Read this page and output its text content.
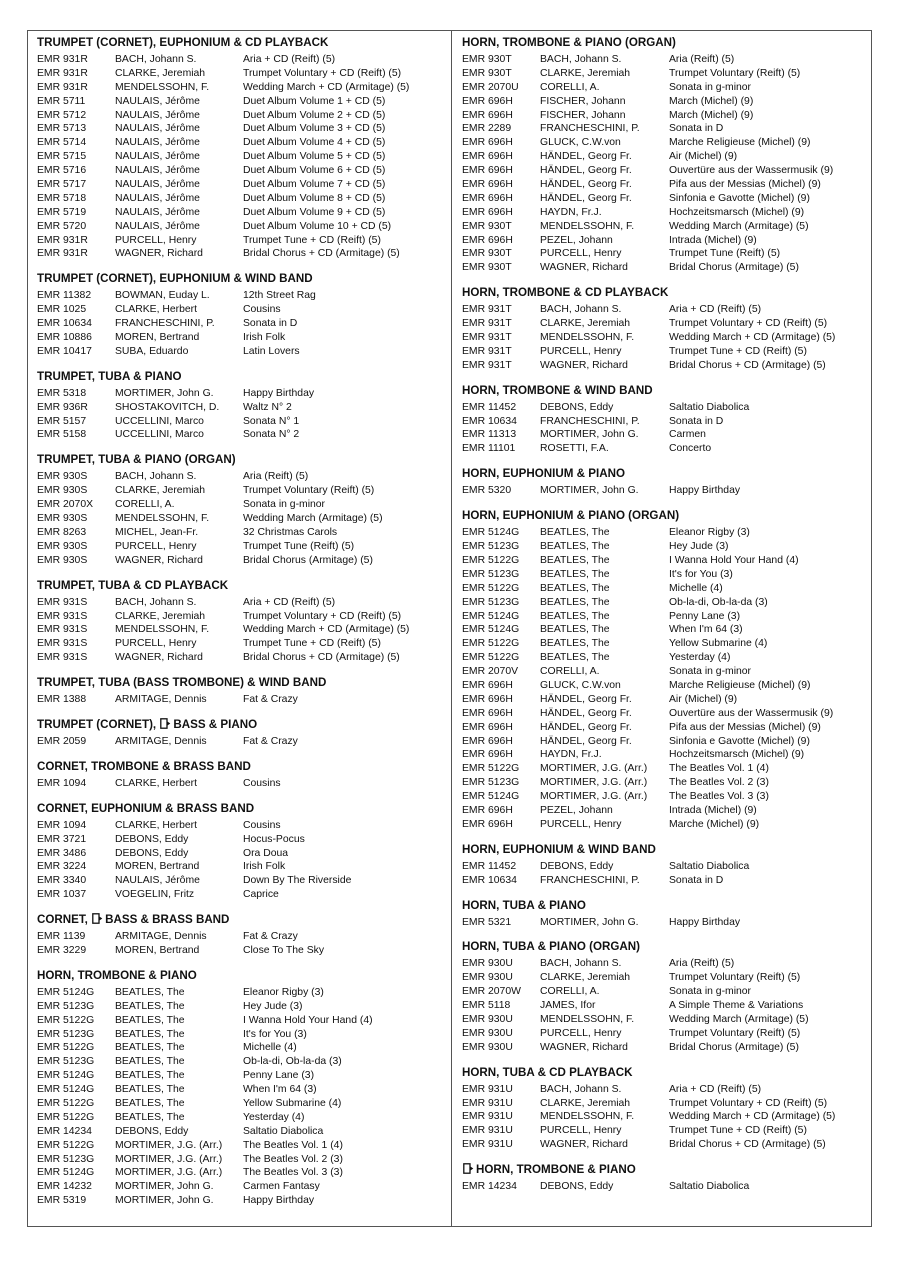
TRUMPET (CORNET), EUPHONIUM & CD PLAYBACK
EMR 931R	BACH, Johann S.	Aria + CD (Reift) (5)
EMR 931R	CLARKE, Jeremiah	Trumpet Voluntary + CD (Reift) (5)
EMR 931R	MENDELSSOHN, F.	Wedding March + CD (Armitage) (5)
EMR 5711	NAULAIS, Jérôme	Duet Album Volume 1 + CD (5)
EMR 5712	NAULAIS, Jérôme	Duet Album Volume 2 + CD (5)
EMR 5713	NAULAIS, Jérôme	Duet Album Volume 3 + CD (5)
EMR 5714	NAULAIS, Jérôme	Duet Album Volume 4 + CD (5)
EMR 5715	NAULAIS, Jérôme	Duet Album Volume 5 + CD (5)
EMR 5716	NAULAIS, Jérôme	Duet Album Volume 6 + CD (5)
EMR 5717	NAULAIS, Jérôme	Duet Album Volume 7 + CD (5)
EMR 5718	NAULAIS, Jérôme	Duet Album Volume 8 + CD (5)
EMR 5719	NAULAIS, Jérôme	Duet Album Volume 9 + CD (5)
EMR 5720	NAULAIS, Jérôme	Duet Album Volume 10 + CD (5)
EMR 931R	PURCELL, Henry	Trumpet Tune + CD (Reift) (5)
EMR 931R	WAGNER, Richard	Bridal Chorus + CD (Armitage) (5)
TRUMPET (CORNET), EUPHONIUM & WIND BAND
EMR 11382	BOWMAN, Euday L.	12th Street Rag
EMR 1025	CLARKE, Herbert	Cousins
EMR 10634	FRANCHESCHINI, P.	Sonata in D
EMR 10886	MOREN, Bertrand	Irish Folk
EMR 10417	SUBA, Eduardo	Latin Lovers
TRUMPET, TUBA & PIANO
EMR 5318	MORTIMER, John G.	Happy Birthday
EMR 936R	SHOSTAKOVITCH, D.	Waltz N° 2
EMR 5157	UCCELLINI, Marco	Sonata N° 1
EMR 5158	UCCELLINI, Marco	Sonata N° 2
TRUMPET, TUBA & PIANO (ORGAN)
EMR 930S	BACH, Johann S.	Aria (Reift) (5)
EMR 930S	CLARKE, Jeremiah	Trumpet Voluntary (Reift) (5)
EMR 2070X	CORELLI, A.	Sonata in g-minor
EMR 930S	MENDELSSOHN, F.	Wedding March (Armitage) (5)
EMR 8263	MICHEL, Jean-Fr.	32 Christmas Carols
EMR 930S	PURCELL, Henry	Trumpet Tune (Reift) (5)
EMR 930S	WAGNER, Richard	Bridal Chorus (Armitage) (5)
TRUMPET, TUBA & CD PLAYBACK
EMR 931S	BACH, Johann S.	Aria + CD (Reift) (5)
EMR 931S	CLARKE, Jeremiah	Trumpet Voluntary + CD (Reift) (5)
EMR 931S	MENDELSSOHN, F.	Wedding March + CD (Armitage) (5)
EMR 931S	PURCELL, Henry	Trumpet Tune + CD (Reift) (5)
EMR 931S	WAGNER, Richard	Bridal Chorus + CD (Armitage) (5)
TRUMPET, TUBA (BASS TROMBONE) & WIND BAND
EMR 1388	ARMITAGE, Dennis	Fat & Crazy
TRUMPET (CORNET), BASS & PIANO
EMR 2059	ARMITAGE, Dennis	Fat & Crazy
CORNET, TROMBONE & BRASS BAND
EMR 1094	CLARKE, Herbert	Cousins
CORNET, EUPHONIUM & BRASS BAND
EMR 1094	CLARKE, Herbert	Cousins
EMR 3721	DEBONS, Eddy	Hocus-Pocus
EMR 3486	DEBONS, Eddy	Ora Doua
EMR 3224	MOREN, Bertrand	Irish Folk
EMR 3340	NAULAIS, Jérôme	Down By The Riverside
EMR 1037	VOEGELIN, Fritz	Caprice
CORNET, BASS & BRASS BAND
EMR 1139	ARMITAGE, Dennis	Fat & Crazy
EMR 3229	MOREN, Bertrand	Close To The Sky
HORN, TROMBONE & PIANO
EMR 5124G	BEATLES, The	Eleanor Rigby (3)
EMR 5123G	BEATLES, The	Hey Jude (3)
EMR 5122G	BEATLES, The	I Wanna Hold Your Hand (4)
EMR 5123G	BEATLES, The	It's for You (3)
EMR 5122G	BEATLES, The	Michelle (4)
EMR 5123G	BEATLES, The	Ob-la-di, Ob-la-da (3)
EMR 5124G	BEATLES, The	Penny Lane (3)
EMR 5124G	BEATLES, The	When I'm 64 (3)
EMR 5122G	BEATLES, The	Yellow Submarine (4)
EMR 5122G	BEATLES, The	Yesterday (4)
EMR 14234	DEBONS, Eddy	Saltatio Diabolica
EMR 5122G	MORTIMER, J.G. (Arr.)	The Beatles Vol. 1 (4)
EMR 5123G	MORTIMER, J.G. (Arr.)	The Beatles Vol. 2 (3)
EMR 5124G	MORTIMER, J.G. (Arr.)	The Beatles Vol. 3 (3)
EMR 14232	MORTIMER, John G.	Carmen Fantasy
EMR 5319	MORTIMER, John G.	Happy Birthday
HORN, TROMBONE & PIANO (ORGAN)
EMR 930T	BACH, Johann S.	Aria (Reift) (5)
EMR 930T	CLARKE, Jeremiah	Trumpet Voluntary (Reift) (5)
EMR 2070U	CORELLI, A.	Sonata in g-minor
EMR 696H	FISCHER, Johann	March (Michel) (9)
EMR 696H	FISCHER, Johann	March (Michel) (9)
EMR 2289	FRANCHESCHINI, P.	Sonata in D
EMR 696H	GLUCK, C.W.von	Marche Religieuse (Michel) (9)
EMR 696H	HÄNDEL, Georg Fr.	Air (Michel) (9)
EMR 696H	HÄNDEL, Georg Fr.	Ouvertüre aus der Wassermusik (9)
EMR 696H	HÄNDEL, Georg Fr.	Pifa aus der Messias (Michel) (9)
EMR 696H	HÄNDEL, Georg Fr.	Sinfonia e Gavotte (Michel) (9)
EMR 696H	HAYDN, Fr.J.	Hochzeitsmarsch (Michel) (9)
EMR 930T	MENDELSSOHN, F.	Wedding March (Armitage) (5)
EMR 696H	PEZEL, Johann	Intrada (Michel) (9)
EMR 930T	PURCELL, Henry	Trumpet Tune (Reift) (5)
EMR 930T	WAGNER, Richard	Bridal Chorus (Armitage) (5)
HORN, TROMBONE & CD PLAYBACK
EMR 931T	BACH, Johann S.	Aria + CD (Reift) (5)
EMR 931T	CLARKE, Jeremiah	Trumpet Voluntary + CD (Reift) (5)
EMR 931T	MENDELSSOHN, F.	Wedding March + CD (Armitage) (5)
EMR 931T	PURCELL, Henry	Trumpet Tune + CD (Reift) (5)
EMR 931T	WAGNER, Richard	Bridal Chorus + CD (Armitage) (5)
HORN, TROMBONE & WIND BAND
EMR 11452	DEBONS, Eddy	Saltatio Diabolica
EMR 10634	FRANCHESCHINI, P.	Sonata in D
EMR 11313	MORTIMER, John G.	Carmen
EMR 11101	ROSETTI, F.A.	Concerto
HORN, EUPHONIUM & PIANO
EMR 5320	MORTIMER, John G.	Happy Birthday
HORN, EUPHONIUM & PIANO (ORGAN)
EMR 5124G	BEATLES, The	Eleanor Rigby (3)
EMR 5123G	BEATLES, The	Hey Jude (3)
EMR 5122G	BEATLES, The	I Wanna Hold Your Hand (4)
EMR 5123G	BEATLES, The	It's for You (3)
EMR 5122G	BEATLES, The	Michelle (4)
EMR 5123G	BEATLES, The	Ob-la-di, Ob-la-da (3)
EMR 5124G	BEATLES, The	Penny Lane (3)
EMR 5124G	BEATLES, The	When I'm 64 (3)
EMR 5122G	BEATLES, The	Yellow Submarine (4)
EMR 5122G	BEATLES, The	Yesterday (4)
EMR 2070V	CORELLI, A.	Sonata in g-minor
EMR 696H	GLUCK, C.W.von	Marche Religieuse (Michel) (9)
EMR 696H	HÄNDEL, Georg Fr.	Air (Michel) (9)
EMR 696H	HÄNDEL, Georg Fr.	Ouvertüre aus der Wassermusik (9)
EMR 696H	HÄNDEL, Georg Fr.	Pifa aus der Messias (Michel) (9)
EMR 696H	HÄNDEL, Georg Fr.	Sinfonia e Gavotte (Michel) (9)
EMR 696H	HAYDN, Fr.J.	Hochzeitsmarsch (Michel) (9)
EMR 5122G	MORTIMER, J.G. (Arr.)	The Beatles Vol. 1 (4)
EMR 5123G	MORTIMER, J.G. (Arr.)	The Beatles Vol. 2 (3)
EMR 5124G	MORTIMER, J.G. (Arr.)	The Beatles Vol. 3 (3)
EMR 696H	PEZEL, Johann	Intrada (Michel) (9)
EMR 696H	PURCELL, Henry	Marche (Michel) (9)
HORN, EUPHONIUM & WIND BAND
EMR 11452	DEBONS, Eddy	Saltatio Diabolica
EMR 10634	FRANCHESCHINI, P.	Sonata in D
HORN, TUBA & PIANO
EMR 5321	MORTIMER, John G.	Happy Birthday
HORN, TUBA & PIANO (ORGAN)
EMR 930U	BACH, Johann S.	Aria (Reift) (5)
EMR 930U	CLARKE, Jeremiah	Trumpet Voluntary (Reift) (5)
EMR 2070W	CORELLI, A.	Sonata in g-minor
EMR 5118	JAMES, Ifor	A Simple Theme & Variations
EMR 930U	MENDELSSOHN, F.	Wedding March (Armitage) (5)
EMR 930U	PURCELL, Henry	Trumpet Voluntary (Reift) (5)
EMR 930U	WAGNER, Richard	Bridal Chorus (Armitage) (5)
HORN, TUBA & CD PLAYBACK
EMR 931U	BACH, Johann S.	Aria + CD (Reift) (5)
EMR 931U	CLARKE, Jeremiah	Trumpet Voluntary + CD (Reift) (5)
EMR 931U	MENDELSSOHN, F.	Wedding March + CD (Armitage) (5)
EMR 931U	PURCELL, Henry	Trumpet Tune + CD (Reift) (5)
EMR 931U	WAGNER, Richard	Bridal Chorus + CD (Armitage) (5)
HORN, TROMBONE & PIANO
EMR 14234	DEBONS, Eddy	Saltatio Diabolica
